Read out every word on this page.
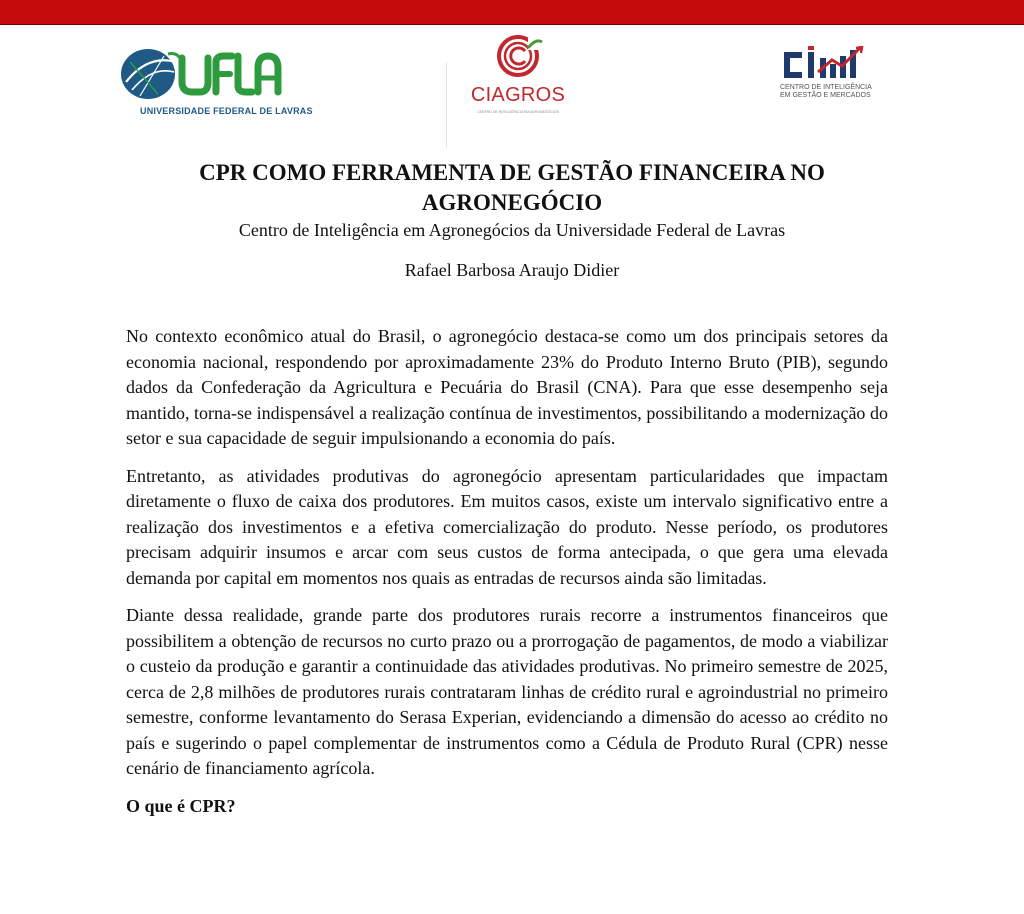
UNIVERSIDADE FEDERAL DE LAVRAS
CIAGROS
CENTRO DE INTELIGÊNCIA EM AGRONEGÓCIOS
CENTRO DE INTELIGÊNCIA
EM GESTÃO E MERCADOS
CPR COMO FERRAMENTA DE GESTÃO FINANCEIRA NO
AGRONEGÓCIO
Centro de Inteligência em Agronegócios da Universidade Federal de Lavras
Rafael Barbosa Araujo Didier

No contexto econômico atual do Brasil, o agronegócio destaca-se como um dos principais setores da economia nacional, respondendo por aproximadamente 23% do Produto Interno Bruto (PIB), segundo dados da Confederação da Agricultura e Pecuária do Brasil (CNA). Para que esse desempenho seja mantido, torna-se indispensável a realização contínua de investimentos, possibilitando a modernização do setor e sua capacidade de seguir impulsionando a economia do país.

Entretanto, as atividades produtivas do agronegócio apresentam particularidades que impactam diretamente o fluxo de caixa dos produtores. Em muitos casos, existe um intervalo significativo entre a realização dos investimentos e a efetiva comercialização do produto. Nesse período, os produtores precisam adquirir insumos e arcar com seus custos de forma antecipada, o que gera uma elevada demanda por capital em momentos nos quais as entradas de recursos ainda são limitadas.

Diante dessa realidade, grande parte dos produtores rurais recorre a instrumentos financeiros que possibilitem a obtenção de recursos no curto prazo ou a prorrogação de pagamentos, de modo a viabilizar o custeio da produção e garantir a continuidade das atividades produtivas. No primeiro semestre de 2025, cerca de 2,8 milhões de produtores rurais contrataram linhas de crédito rural e agroindustrial no primeiro semestre, conforme levantamento do Serasa Experian, evidenciando a dimensão do acesso ao crédito no país e sugerindo o papel complementar de instrumentos como a Cédula de Produto Rural (CPR) nesse cenário de financiamento agrícola.

O que é CPR?
